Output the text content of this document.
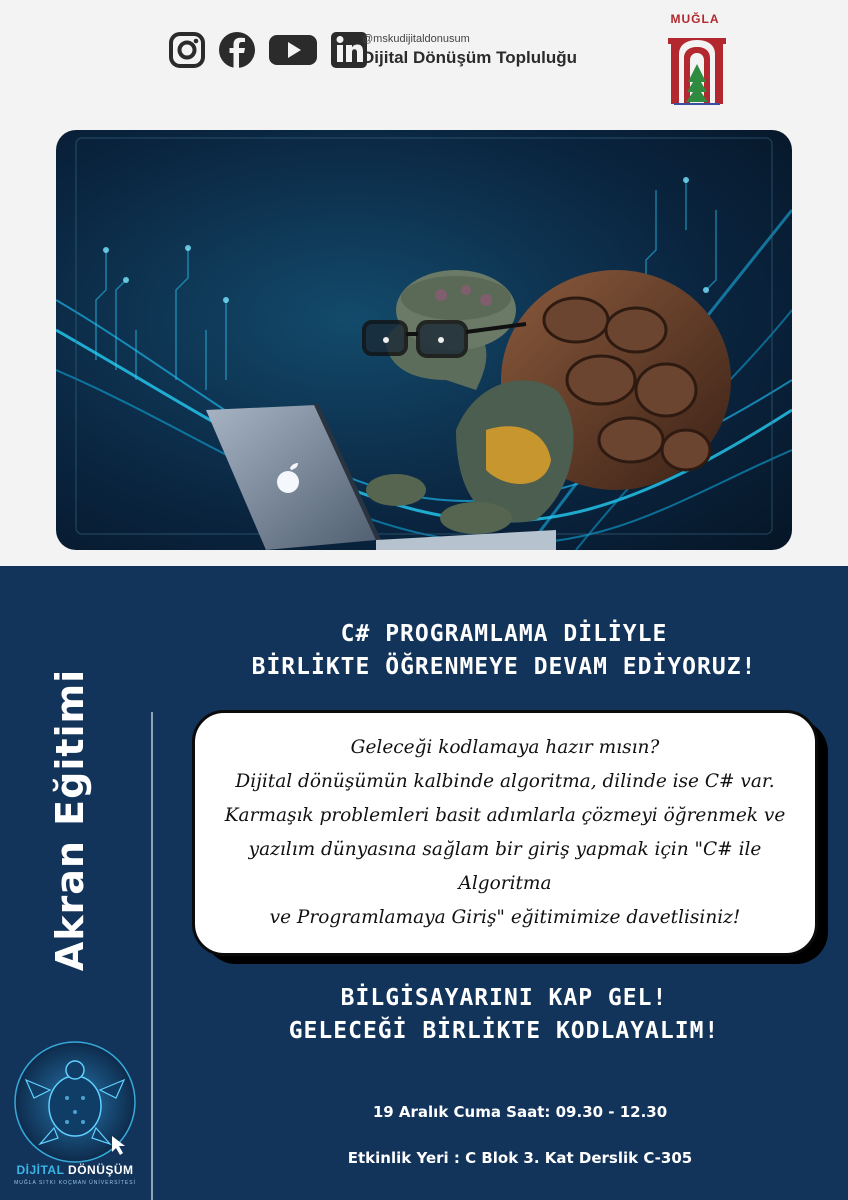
@mskudijitaldonusum
Dijital Dönüşüm Topluluğu
MUĞLA
Akran Eğitimi
C# PROGRAMLAMA DİLİYLE
BİRLİKTE ÖĞRENMEYE DEVAM EDİYORUZ!
Geleceği kodlamaya hazır mısın?
Dijital dönüşümün kalbinde algoritma, dilinde ise C# var.
Karmaşık problemleri basit adımlarla çözmeyi öğrenmek ve
yazılım dünyasına sağlam bir giriş yapmak için "C# ile Algoritma
ve Programlamaya Giriş" eğitimimize davetlisiniz!
BİLGİSAYARINI KAP GEL!
GELECEĞİ BİRLİKTE KODLAYALIM!
19 Aralık Cuma Saat: 09.30 - 12.30
Etkinlik Yeri : C Blok 3. Kat Derslik C-305
DİJİTAL DÖNÜŞÜM
MUĞLA SITKI KOÇMAN ÜNİVERSİTESİ
